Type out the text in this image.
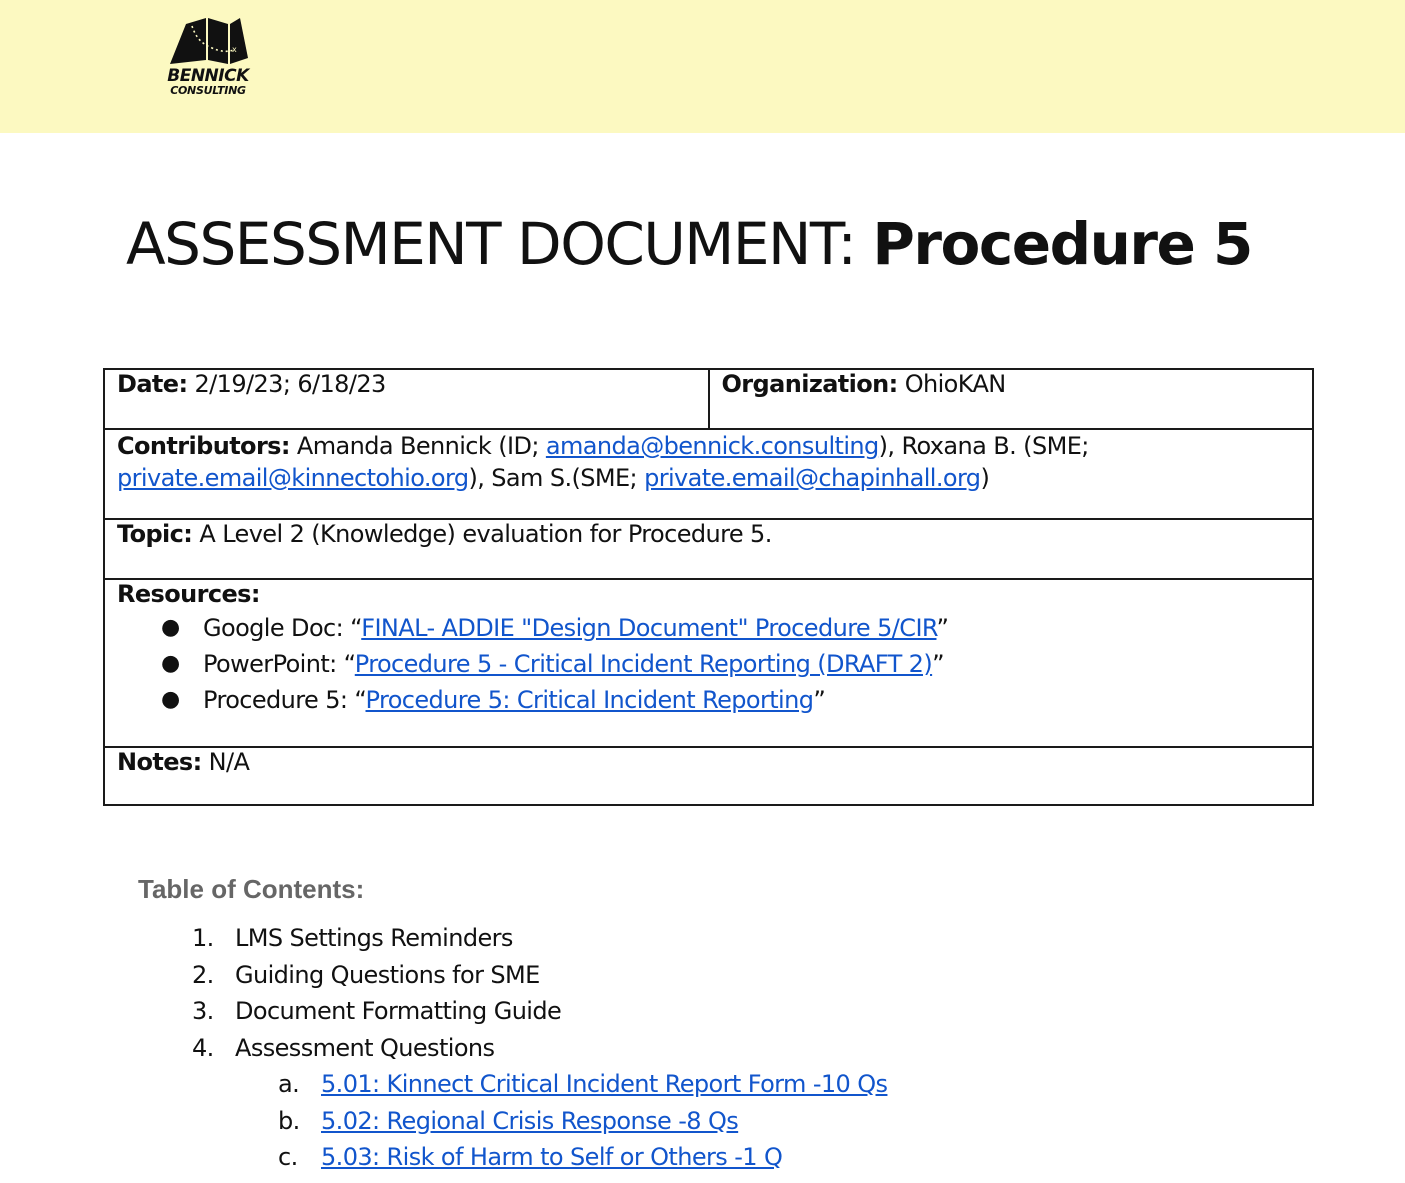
x
BENNICK
CONSULTING
ASSESSMENT DOCUMENT: Procedure 5
Date: 2/19/23; 6/18/23	Organization: OhioKAN
Contributors: Amanda Bennick (ID; amanda@bennick.consulting), Roxana B. (SME;
private.email@kinnectohio.org), Sam S.(SME; private.email@chapinhall.org)
Topic: A Level 2 (Knowledge) evaluation for Procedure 5.

Resources:
● Google Doc: “FINAL- ADDIE "Design Document" Procedure 5/CIR”
● PowerPoint: “Procedure 5 - Critical Incident Reporting (DRAFT 2)”
● Procedure 5: “Procedure 5: Critical Incident Reporting”

Notes: N/A
Table of Contents:
1. LMS Settings Reminders
2. Guiding Questions for SME
3. Document Formatting Guide
4. Assessment Questions
a. 5.01: Kinnect Critical Incident Report Form -10 Qs
b. 5.02: Regional Crisis Response -8 Qs
c. 5.03: Risk of Harm to Self or Others -1 Q
